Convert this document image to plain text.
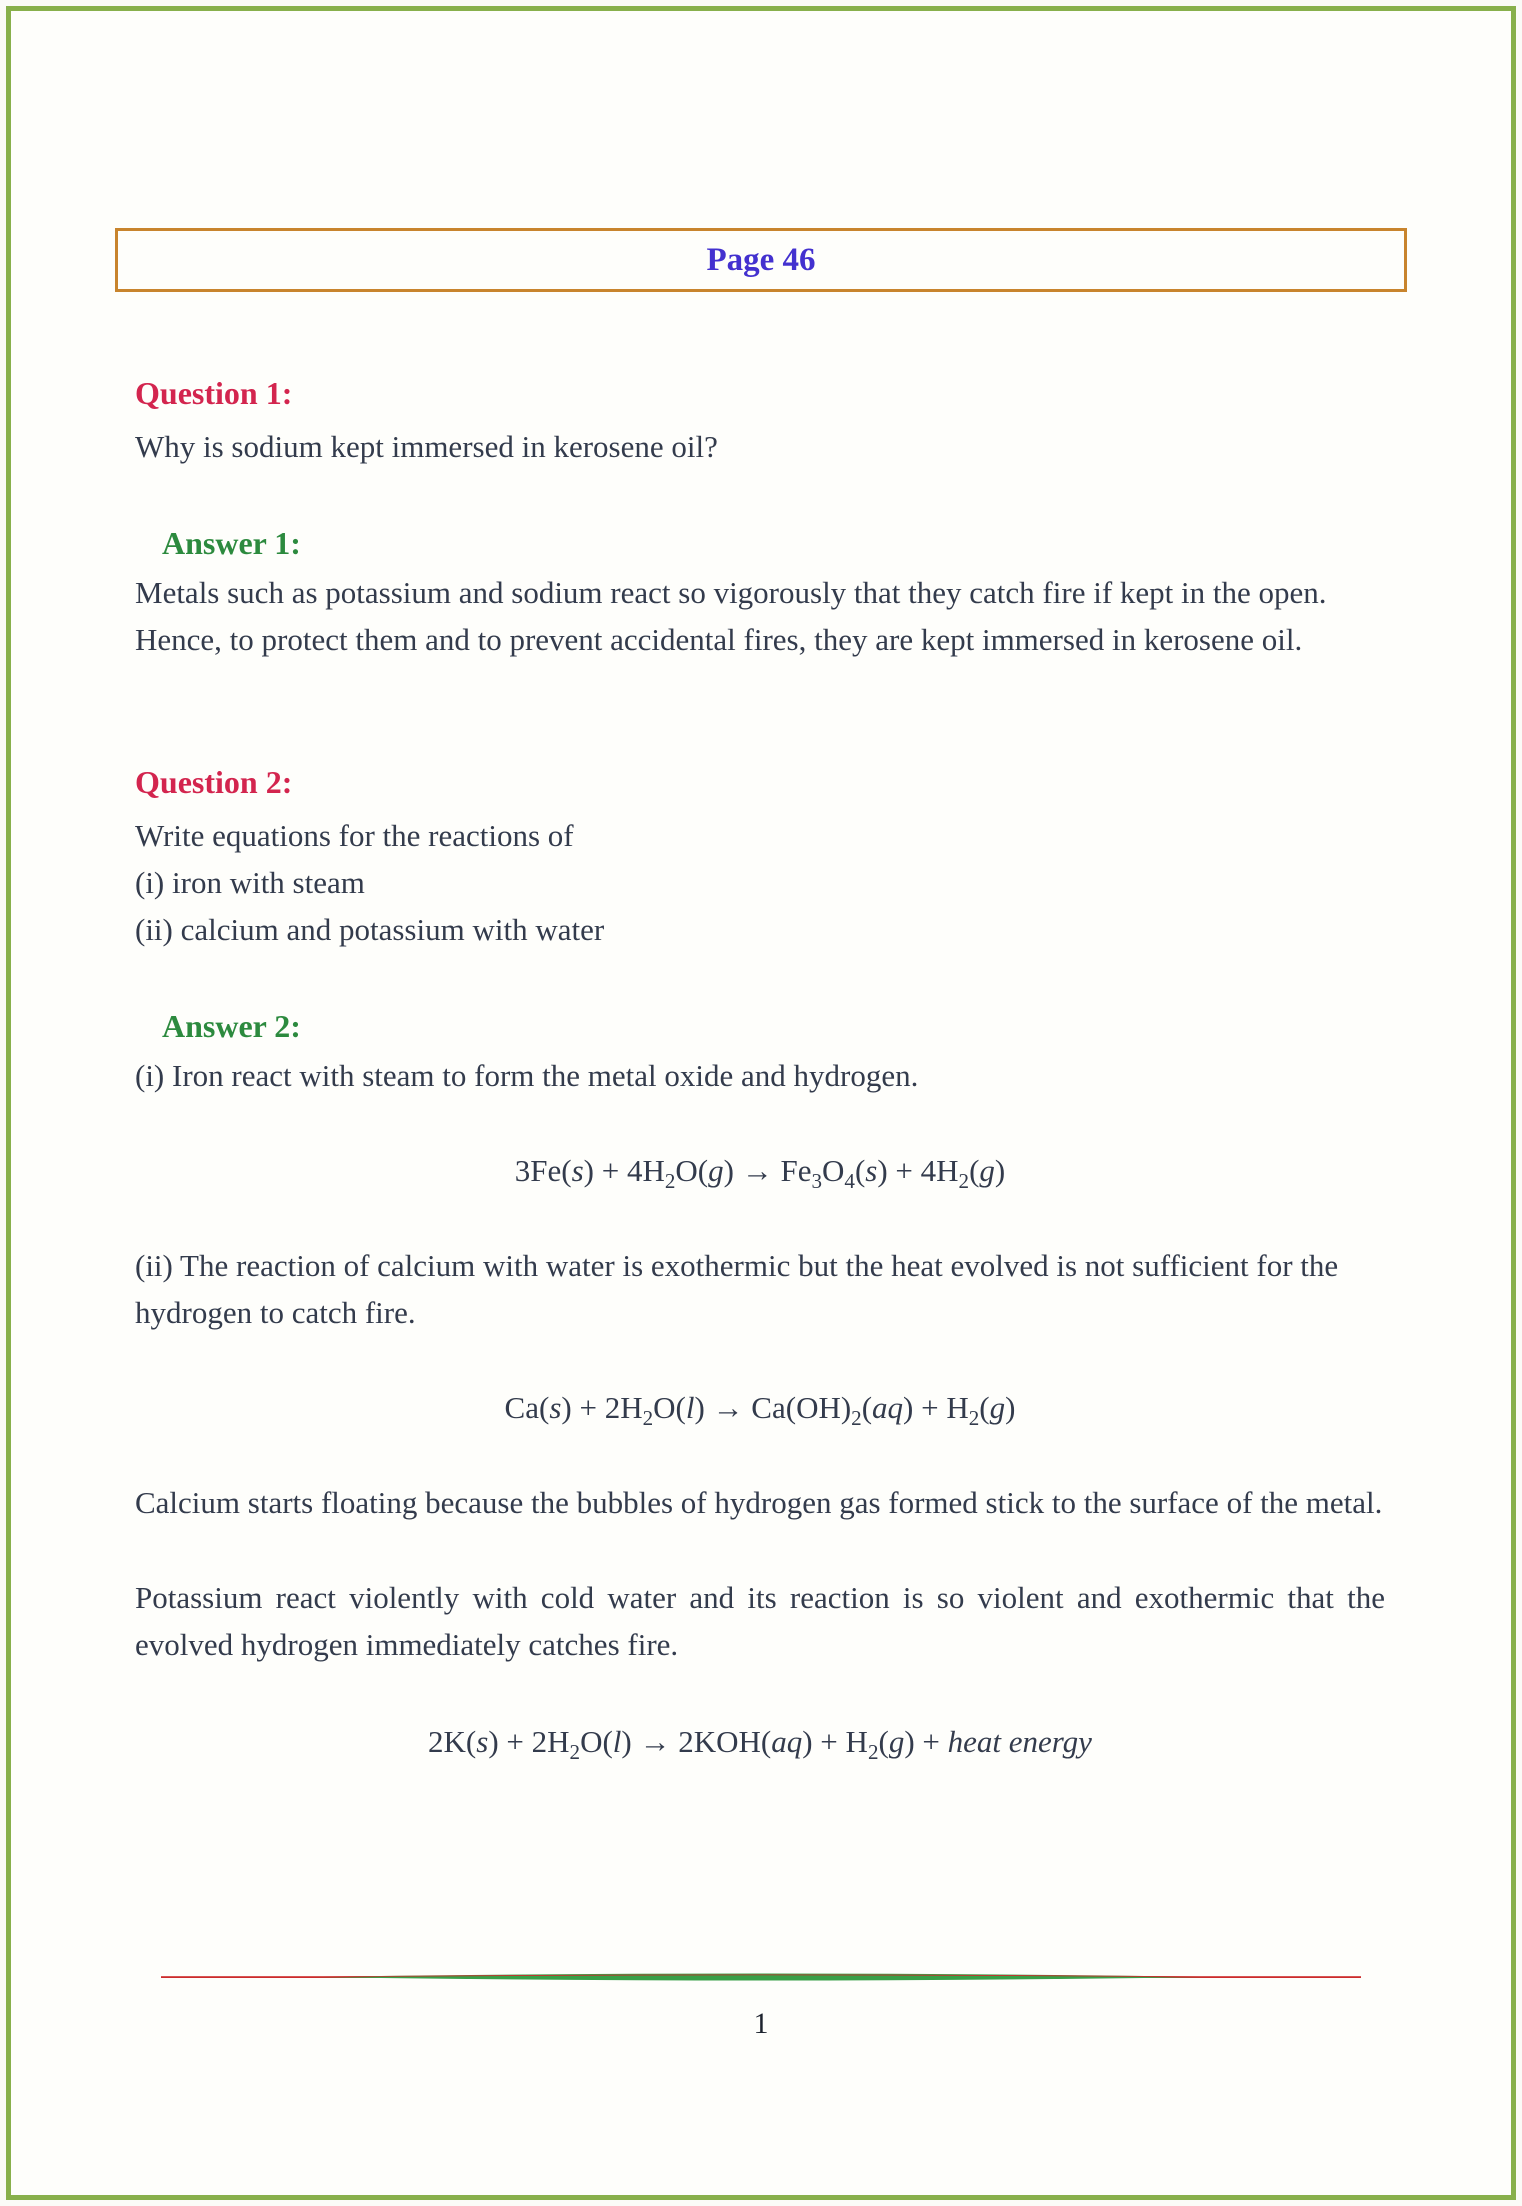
Page 46
Question 1:

Why is sodium kept immersed in kerosene oil?

Answer 1:

Metals such as potassium and sodium react so vigorously that they catch fire if kept in the open. Hence, to protect them and to prevent accidental fires, they are kept immersed in kerosene oil.

Question 2:

Write equations for the reactions of

(i) iron with steam

(ii) calcium and potassium with water

Answer 2:

(i) Iron react with steam to form the metal oxide and hydrogen.

$3Fe(s) + 4H_2O(g) \to Fe_3O_4(s) + 4H_2(g)$

(ii) The reaction of calcium with water is exothermic but the heat evolved is not sufficient for the hydrogen to catch fire.

$Ca(s) + 2H_2O(l) \to Ca(OH)_2(aq) + H_2(g)$

Calcium starts floating because the bubbles of hydrogen gas formed stick to the surface of the metal.

Potassium react violently with cold water and its reaction is so violent and exothermic that the evolved hydrogen immediately catches fire.

$2K(s) + 2H_2O(l) \to 2KOH(aq) + H_2(g)$ + heat energy
1
